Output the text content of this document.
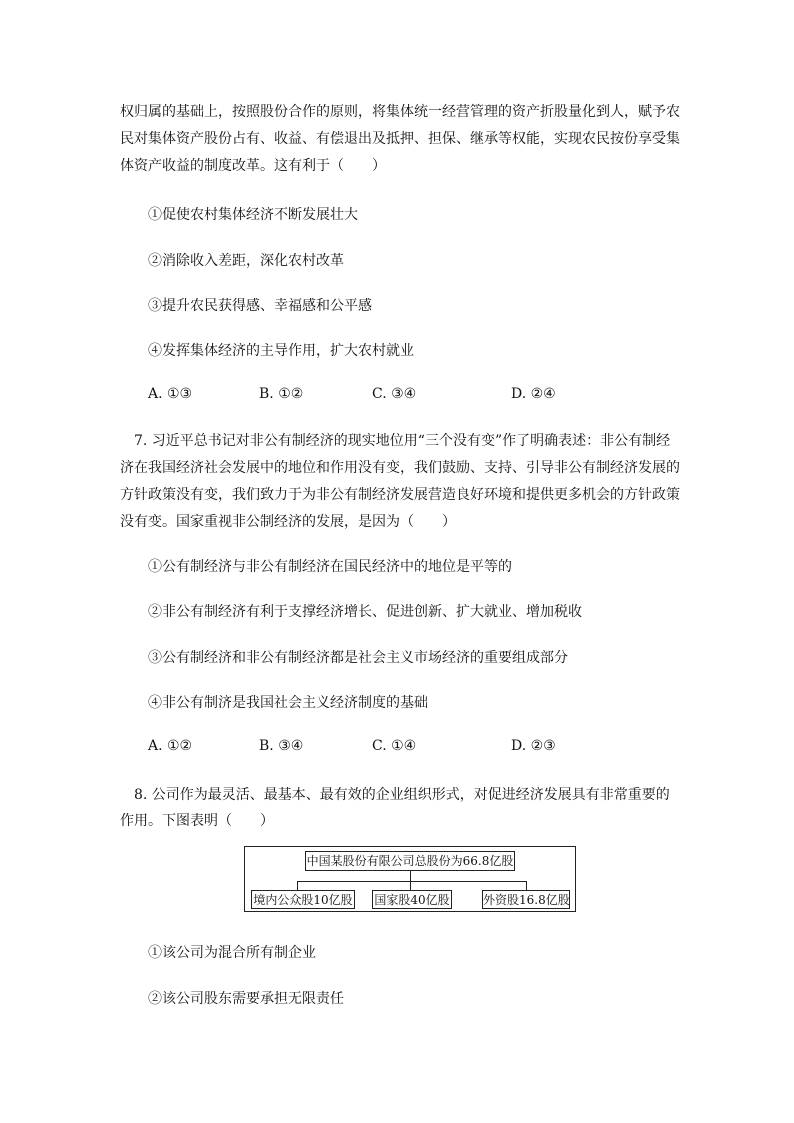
权归属的基础上，按照股份合作的原则，将集体统一经营管理的资产折股量化到人，赋予农
民对集体资产股份占有、收益、有偿退出及抵押、担保、继承等权能，实现农民按份享受集
体资产收益的制度改革。这有利于（　　）
①促使农村集体经济不断发展壮大
②消除收入差距，深化农村改革
③提升农民获得感、幸福感和公平感
④发挥集体经济的主导作用，扩大农村就业
A. ①③	B. ①②	C. ③④	D. ②④
7. 习近平总书记对非公有制经济的现实地位用“三个没有变”作了明确表述：非公有制经
济在我国经济社会发展中的地位和作用没有变，我们鼓励、支持、引导非公有制经济发展的
方针政策没有变，我们致力于为非公有制经济发展营造良好环境和提供更多机会的方针政策
没有变。国家重视非公制经济的发展，是因为（　　）
①公有制经济与非公有制经济在国民经济中的地位是平等的
②非公有制经济有利于支撑经济增长、促进创新、扩大就业、增加税收
③公有制经济和非公有制经济都是社会主义市场经济的重要组成部分
④非公有制济是我国社会主义经济制度的基础
A. ①②	B. ③④	C. ①④	D. ②③
8. 公司作为最灵活、最基本、最有效的企业组织形式，对促进经济发展具有非常重要的
作用。下图表明（　　）
中国某股份有限公司总股份为66.8亿股
境内公众股10亿股 国家股40亿股	外资股16.8亿股
①该公司为混合所有制企业
②该公司股东需要承担无限责任
